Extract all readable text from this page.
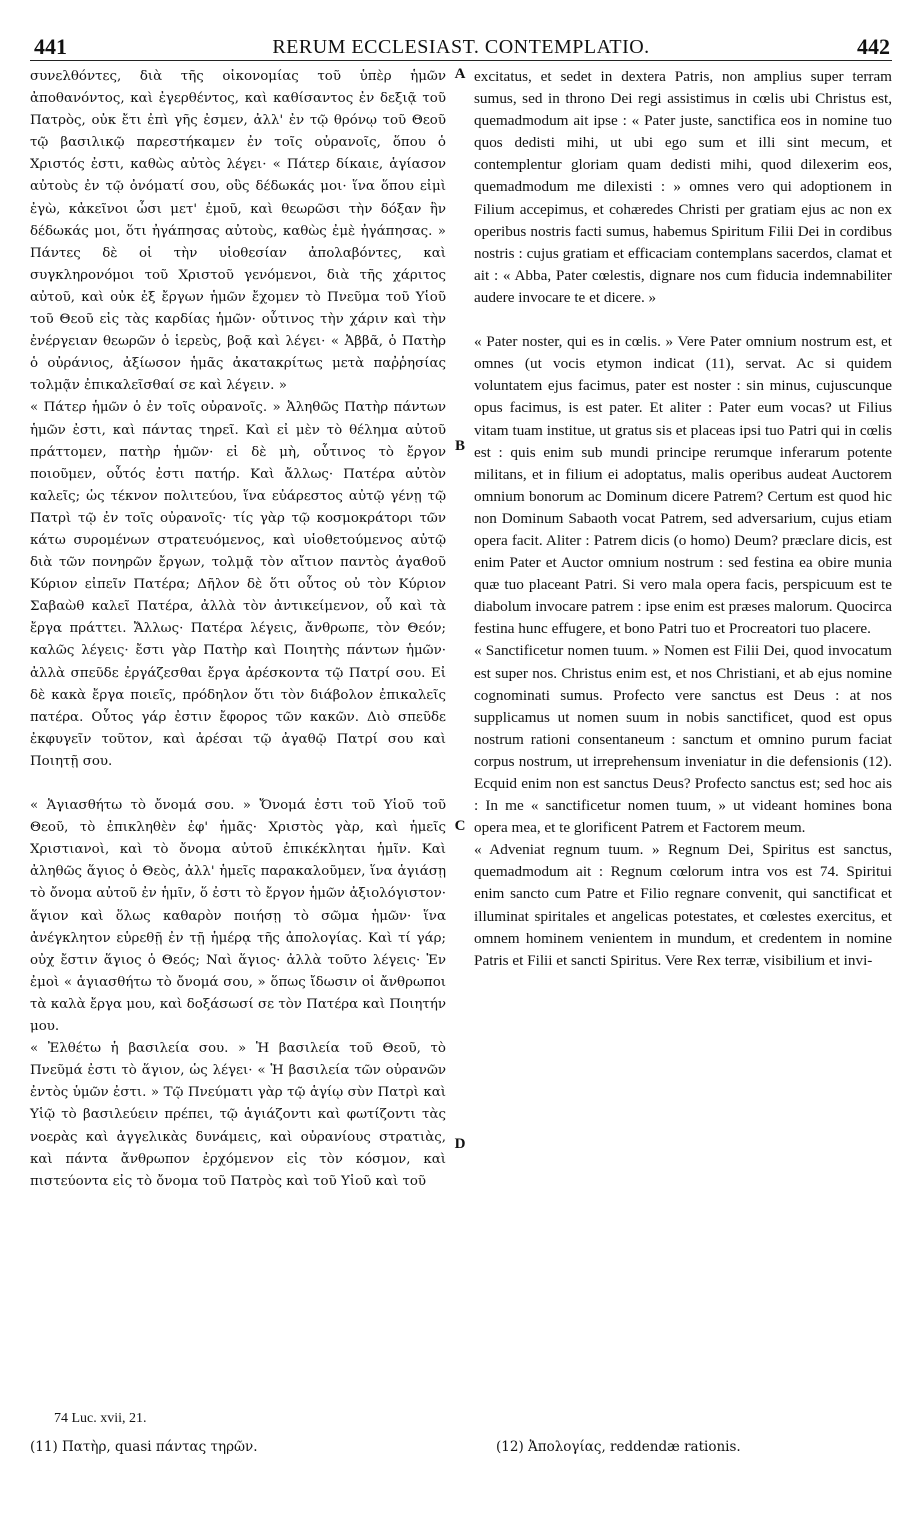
441	RERUM ECCLESIAST. CONTEMPLATIO.	442
συνελθόντες, διὰ τῆς οἰκονομίας τοῦ ὑπὲρ ἡμῶν ἀποθανόντος, καὶ ἐγερθέντος, καὶ καθίσαντος ἐν δεξιᾷ τοῦ Πατρὸς, οὐκ ἔτι ἐπὶ γῆς ἐσμεν, ἀλλ' ἐν τῷ θρόνῳ τοῦ Θεοῦ τῷ βασιλικῷ παρεστήκαμεν ἐν τοῖς οὐρανοῖς, ὅπου ὁ Χριστός ἐστι, καθὼς αὐτὸς λέγει· « Πάτερ δίκαιε, ἁγίασον αὐτοὺς ἐν τῷ ὀνόματί σου, οὓς δέδωκάς μοι· ἵνα ὅπου εἰμὶ ἐγὼ, κἀκεῖνοι ὦσι μετ' ἐμοῦ, καὶ θεωρῶσι τὴν δόξαν ἣν δέδωκάς μοι, ὅτι ἠγάπησας αὐτοὺς, καθὼς ἐμὲ ἠγάπησας. » Πάντες δὲ οἱ τὴν υἱοθεσίαν ἀπολαβόντες, καὶ συγκληρονόμοι τοῦ Χριστοῦ γενόμενοι, διὰ τῆς χάριτος αὐτοῦ, καὶ οὐκ ἐξ ἔργων ἡμῶν ἔχομεν τὸ Πνεῦμα τοῦ Υἱοῦ τοῦ Θεοῦ εἰς τὰς καρδίας ἡμῶν· οὗτινος τὴν χάριν καὶ τὴν ἐνέργειαν θεωρῶν ὁ ἱερεὺς, βοᾷ καὶ λέγει· « Ἀββᾶ, ὁ Πατὴρ ὁ οὐράνιος, ἀξίωσον ἡμᾶς ἀκατακρίτως μετὰ παῤῥησίας τολμᾷν ἐπικαλεῖσθαί σε καὶ λέγειν. »
« Πάτερ ἡμῶν ὁ ἐν τοῖς οὐρανοῖς. » Ἀληθῶς Πατὴρ πάντων ἡμῶν ἐστι, καὶ πάντας τηρεῖ. Καὶ εἰ μὲν τὸ θέλημα αὐτοῦ πράττομεν, πατὴρ ἡμῶν· εἰ δὲ μὴ, οὗτινος τὸ ἔργον ποιοῦμεν, οὗτός ἐστι πατήρ. Καὶ ἄλλως· Πατέρα αὐτὸν καλεῖς; ὡς τέκνον πολιτεύου, ἵνα εὐάρεστος αὐτῷ γένῃ τῷ Πατρὶ τῷ ἐν τοῖς οὐρανοῖς· τίς γὰρ τῷ κοσμοκράτορι τῶν κάτω συρομένων στρατευόμενος, καὶ υἱοθετούμενος αὐτῷ διὰ τῶν πονηρῶν ἔργων, τολμᾷ τὸν αἴτιον παντὸς ἀγαθοῦ Κύριον εἰπεῖν Πατέρα; Δῆλον δὲ ὅτι οὗτος οὐ τὸν Κύριον Σαβαὼθ καλεῖ Πατέρα, ἀλλὰ τὸν ἀντικείμενον, οὗ καὶ τὰ ἔργα πράττει. Ἄλλως· Πατέρα λέγεις, ἄνθρωπε, τὸν Θεόν; καλῶς λέγεις· ἔστι γὰρ Πατὴρ καὶ Ποιητὴς πάντων ἡμῶν· ἀλλὰ σπεῦδε ἐργάζεσθαι ἔργα ἀρέσκοντα τῷ Πατρί σου. Εἰ δὲ κακὰ ἔργα ποιεῖς, πρόδηλον ὅτι τὸν διάβολον ἐπικαλεῖς πατέρα. Οὗτος γάρ ἐστιν ἔφορος τῶν κακῶν. Διὸ σπεῦδε ἐκφυγεῖν τοῦτον, καὶ ἀρέσαι τῷ ἀγαθῷ Πατρί σου καὶ Ποιητῇ σου.

« Ἁγιασθήτω τὸ ὄνομά σου. » Ὄνομά ἐστι τοῦ Υἱοῦ τοῦ Θεοῦ, τὸ ἐπικληθὲν ἐφ' ἡμᾶς· Χριστὸς γὰρ, καὶ ἡμεῖς Χριστιανοὶ, καὶ τὸ ὄνομα αὐτοῦ ἐπικέκληται ἡμῖν. Καὶ ἀληθῶς ἅγιος ὁ Θεὸς, ἀλλ' ἡμεῖς παρακαλοῦμεν, ἵνα ἁγιάσῃ τὸ ὄνομα αὐτοῦ ἐν ἡμῖν, ὅ ἐστι τὸ ἔργον ἡμῶν ἀξιολόγιστον· ἅγιον καὶ ὅλως καθαρὸν ποιήσῃ τὸ σῶμα ἡμῶν· ἵνα ἀνέγκλητον εὑρεθῇ ἐν τῇ ἡμέρᾳ τῆς ἀπολογίας. Καὶ τί γάρ; οὐχ ἔστιν ἅγιος ὁ Θεός; Ναὶ ἅγιος· ἀλλὰ τοῦτο λέγεις· Ἐν ἐμοὶ « ἁγιασθήτω τὸ ὄνομά σου, » ὅπως ἴδωσιν οἱ ἄνθρωποι τὰ καλὰ ἔργα μου, καὶ δοξάσωσί σε τὸν Πατέρα καὶ Ποιητήν μου.
« Ἐλθέτω ἡ βασιλεία σου. » Ἡ βασιλεία τοῦ Θεοῦ, τὸ Πνεῦμά ἐστι τὸ ἅγιον, ὡς λέγει· « Ἡ βασιλεία τῶν οὐρανῶν ἐντὸς ὑμῶν ἐστι. » Τῷ Πνεύματι γὰρ τῷ ἁγίῳ σὺν Πατρὶ καὶ Υἱῷ τὸ βασιλεύειν πρέπει, τῷ ἁγιάζοντι καὶ φωτίζοντι τὰς νοερὰς καὶ ἀγγελικὰς δυνάμεις, καὶ οὐρανίους στρατιὰς, καὶ πάντα ἄνθρωπον ἐρχόμενον εἰς τὸν κόσμον, καὶ πιστεύοντα εἰς τὸ ὄνομα τοῦ Πατρὸς καὶ τοῦ Υἱοῦ καὶ τοῦ
excitatus, et sedet in dextera Patris, non amplius super terram sumus, sed in throno Dei regi assistimus in cœlis ubi Christus est, quemadmodum ait ipse : « Pater juste, sanctifica eos in nomine tuo quos dedisti mihi, ut ubi ego sum et illi sint mecum, et contemplentur gloriam quam dedisti mihi, quod dilexerim eos, quemadmodum me dilexisti : » omnes vero qui adoptionem in Filium accepimus, et cohæredes Christi per gratiam ejus ac non ex operibus nostris facti sumus, habemus Spiritum Filii Dei in cordibus nostris : cujus gratiam et efficaciam contemplans sacerdos, clamat et ait : « Abba, Pater cœlestis, dignare nos cum fiducia indemnabiliter audere invocare te et dicere. »

« Pater noster, qui es in cœlis. » Vere Pater omnium nostrum est, et omnes (ut vocis etymon indicat (11), servat. Ac si quidem voluntatem ejus facimus, pater est noster : sin minus, cujuscunque opus facimus, is est pater. Et aliter : Pater eum vocas? ut Filius vitam tuam institue, ut gratus sis et placeas ipsi tuo Patri qui in cœlis est : quis enim sub mundi principe rerumque inferarum potente militans, et in filium ei adoptatus, malis operibus audeat Auctorem omnium bonorum ac Dominum dicere Patrem? Certum est quod hic non Dominum Sabaoth vocat Patrem, sed adversarium, cujus etiam opera facit. Aliter : Patrem dicis (o homo) Deum? præclare dicis, est enim Pater et Auctor omnium nostrum : sed festina ea obire munia quæ tuo placeant Patri. Si vero mala opera facis, perspicuum est te diabolum invocare patrem : ipse enim est præses malorum. Quocirca festina hunc effugere, et bono Patri tuo et Procreatori tuo placere.
« Sanctificetur nomen tuum. » Nomen est Filii Dei, quod invocatum est super nos. Christus enim est, et nos Christiani, et ab ejus nomine cognominati sumus. Profecto vere sanctus est Deus : at nos supplicamus ut nomen suum in nobis sanctificet, quod est opus nostrum rationi consentaneum : sanctum et omnino purum faciat corpus nostrum, ut irreprehensum inveniatur in die defensionis (12). Ecquid enim non est sanctus Deus? Profecto sanctus est; sed hoc ais : In me « sanctificetur nomen tuum, » ut videant homines bona opera mea, et te glorificent Patrem et Factorem meum.
« Adveniat regnum tuum. » Regnum Dei, Spiritus est sanctus, quemadmodum ait : Regnum cœlorum intra vos est 74. Spiritui enim sancto cum Patre et Filio regnare convenit, qui sanctificat et illuminat spiritales et angelicas potestates, et cœlestes exercitus, et omnem hominem venientem in mundum, et credentem in nomine Patris et Filii et sancti Spiritus. Vere Rex terræ, visibilium et invi-
A
B
C
D
74 Luc. xvii, 21.
(11) Πατὴρ, quasi πάντας τηρῶν.	(12) Ἀπολογίας, reddendæ rationis.
